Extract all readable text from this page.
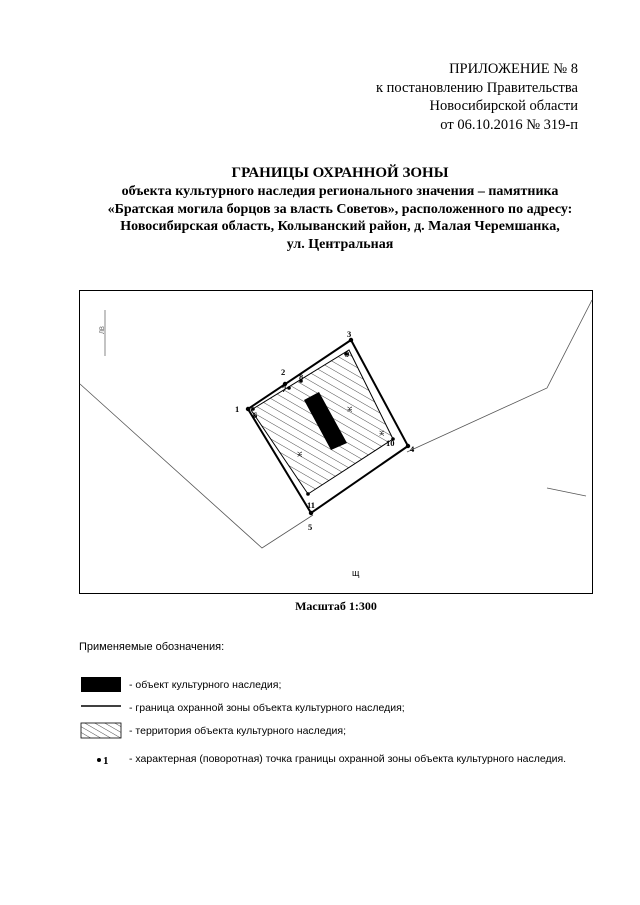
ПРИЛОЖЕНИЕ № 8
к постановлению Правительства
Новосибирской области
от 06.10.2016 № 319-п
ГРАНИЦЫ ОХРАННОЙ ЗОНЫ
объекта культурного наследия регионального значения – памятника
«Братская могила борцов за власть Советов», расположенного по адресу:
Новосибирская область, Колыванский район, д. Малая Черемшанка,
ул. Центральная
ЛВ
1
2
3
4
5
6
7
8
9
10
11
Ж
Ж
Ж
щ
Масштаб 1:300
Применяемые обозначения:
- объект культурного наследия;
- граница охранной зоны объекта культурного наследия;
- территория объекта культурного наследия;
1 - характерная (поворотная) точка границы охранной зоны объекта культурного наследия.
